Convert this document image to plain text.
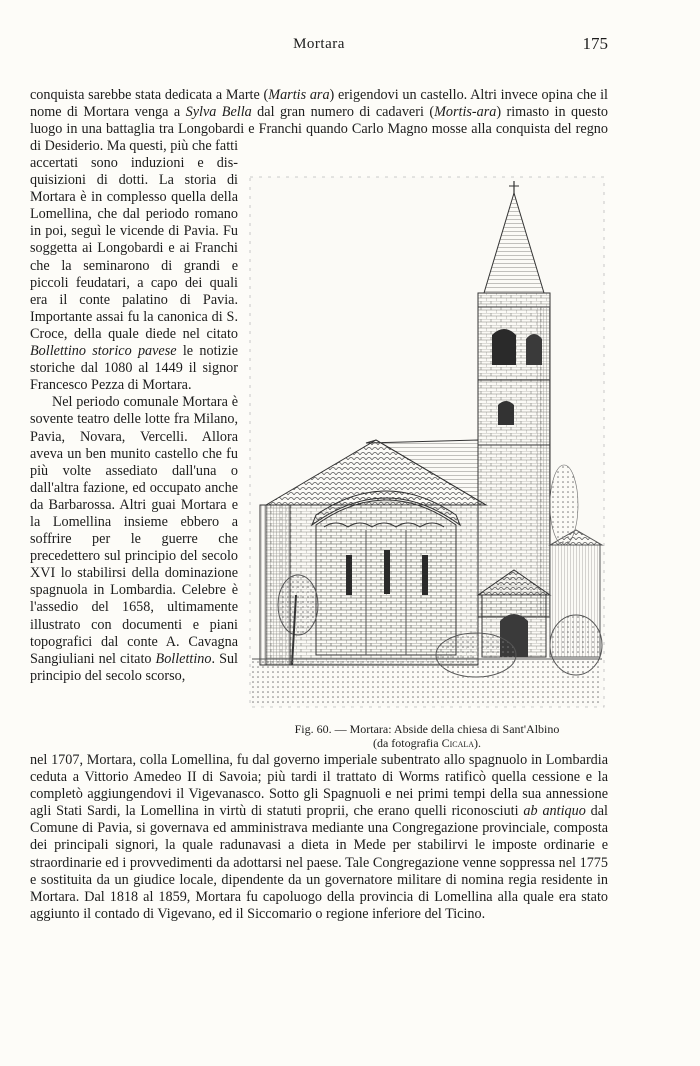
Mortara	175

conquista sarebbe stata dedicata a Marte (Martis ara) erigendovi un castello. Altri invece opina che il nome di Mortara venga a Sylva Bella dal gran numero di cadaveri (Mortis-ara) rimasto in questo luogo in una battaglia tra Longobardi e Franchi quando Carlo Magno mosse alla conquista del regno di Desiderio. Ma questi, più che fatti

accertati sono induzioni e dis-quisizioni di dotti. La storia di Mortara è in complesso quella della Lomellina, che dal periodo romano in poi, seguì le vicende di Pavia. Fu soggetta ai Longobardi e ai Franchi che la seminarono di grandi e piccoli feudatari, a capo dei quali era il conte palatino di Pavia. Importante assai fu la canonica di S. Croce, della quale diede nel citato Bollettino storico pavese le notizie storiche dal 1080 al 1449 il signor Francesco Pezza di Mortara.

Nel periodo comunale Mortara è sovente teatro delle lotte fra Milano, Pavia, Novara, Vercelli. Allora aveva un ben munito castello che fu più volte assediato dall'una o dall'altra fazione, ed occupato anche da Barbarossa. Altri guai Mortara e la Lomellina insieme ebbero a soffrire per le guerre che precedettero sul principio del secolo XVI lo stabilirsi della dominazione spagnuola in Lombardia. Celebre è l'assedio del 1658, ultimamente illustrato con documenti e piani topografici dal conte A. Cavagna Sangiuliani nel citato Bollettino. Sul principio del secolo scorso,

Fig. 60. — Mortara: Abside della chiesa di Sant'Albino
(da fotografia Cicala).

nel 1707, Mortara, colla Lomellina, fu dal governo imperiale subentrato allo spagnuolo in Lombardia ceduta a Vittorio Amedeo II di Savoia; più tardi il trattato di Worms ratificò quella cessione e la completò aggiungendovi il Vigevanasco. Sotto gli Spagnuoli e nei primi tempi della sua annessione agli Stati Sardi, la Lomellina in virtù di statuti proprii, che erano quelli riconosciuti ab antiquo dal Comune di Pavia, si governava ed amministrava mediante una Congregazione provinciale, composta dei principali signori, la quale radunavasi a dieta in Mede per stabilirvi le imposte ordinarie e straordinarie ed i provvedimenti da adottarsi nel paese. Tale Congregazione venne soppressa nel 1775 e sostituita da un giudice locale, dipendente da un governatore militare di nomina regia residente in Mortara. Dal 1818 al 1859, Mortara fu capoluogo della provincia di Lomellina alla quale era stato aggiunto il contado di Vigevano, ed il Siccomario o regione inferiore del Ticino.
